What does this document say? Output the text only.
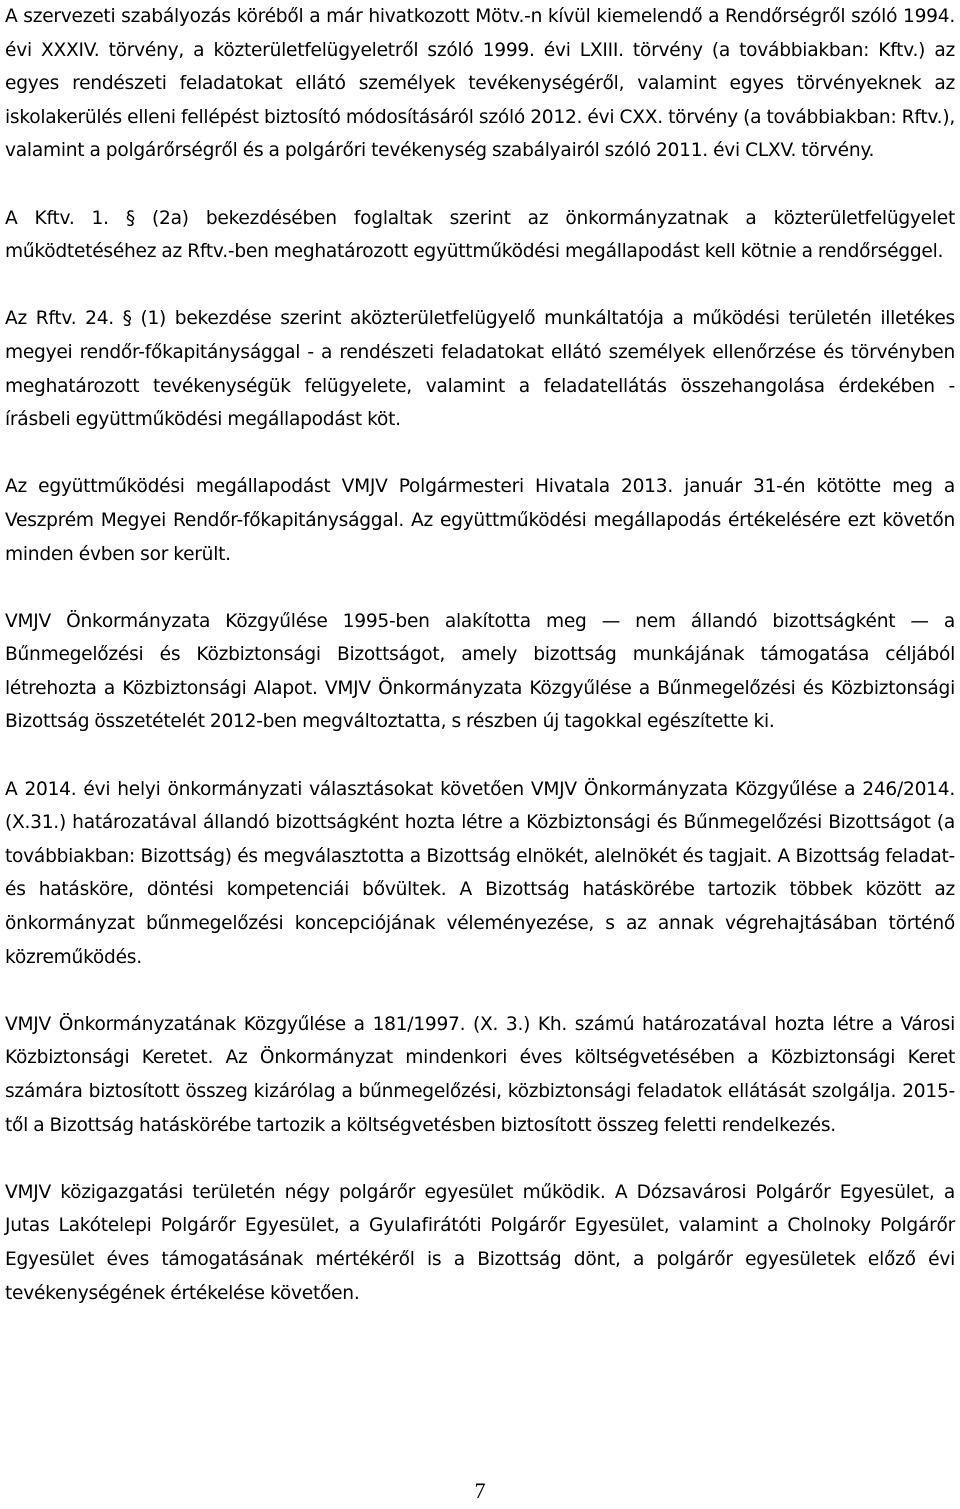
A szervezeti szabályozás köréből a már hivatkozott Mötv.-n kívül kiemelendő a Rendőrségről szóló 1994. évi XXXIV. törvény, a közterületfelügyeletről szóló 1999. évi LXIII. törvény (a továbbiakban: Kftv.) az egyes rendészeti feladatokat ellátó személyek tevékenységéről, valamint egyes törvényeknek az iskolakerülés elleni fellépést biztosító módosításáról szóló 2012. évi CXX. törvény (a továbbiakban: Rftv.), valamint a polgárőrségről és a polgárőri tevékenység szabályairól szóló 2011. évi CLXV. törvény.

A Kftv. 1. § (2a) bekezdésében foglaltak szerint az önkormányzatnak a közterületfelügyelet működtetéséhez az Rftv.-ben meghatározott együttműködési megállapodást kell kötnie a rendőrséggel.

Az Rftv. 24. § (1) bekezdése szerint aközterületfelügyelő munkáltatója a működési területén illetékes megyei rendőr-főkapitánysággal - a rendészeti feladatokat ellátó személyek ellenőrzése és törvényben meghatározott tevékenységük felügyelete, valamint a feladatellátás összehangolása érdekében - írásbeli együttműködési megállapodást köt.

Az együttműködési megállapodást VMJV Polgármesteri Hivatala 2013. január 31-én kötötte meg a Veszprém Megyei Rendőr-főkapitánysággal. Az együttműködési megállapodás értékelésére ezt követőn minden évben sor került.

VMJV Önkormányzata Közgyűlése 1995-ben alakította meg — nem állandó bizottságként — a Bűnmegelőzési és Közbiztonsági Bizottságot, amely bizottság munkájának támogatása céljából létrehozta a Közbiztonsági Alapot. VMJV Önkormányzata Közgyűlése a Bűnmegelőzési és Közbiztonsági Bizottság összetételét 2012-ben megváltoztatta, s részben új tagokkal egészítette ki.

A 2014. évi helyi önkormányzati választásokat követően VMJV Önkormányzata Közgyűlése a 246/2014. (X.31.) határozatával állandó bizottságként hozta létre a Közbiztonsági és Bűnmegelőzési Bizottságot (a továbbiakban: Bizottság) és megválasztotta a Bizottság elnökét, alelnökét és tagjait. A Bizottság feladat-és hatásköre, döntési kompetenciái bővültek. A Bizottság hatáskörébe tartozik többek között az önkormányzat bűnmegelőzési koncepciójának véleményezése, s az annak végrehajtásában történő közreműködés.

VMJV Önkormányzatának Közgyűlése a 181/1997. (X. 3.) Kh. számú határozatával hozta létre a Városi Közbiztonsági Keretet. Az Önkormányzat mindenkori éves költségvetésében a Közbiztonsági Keret számára biztosított összeg kizárólag a bűnmegelőzési, közbiztonsági feladatok ellátását szolgálja. 2015-től a Bizottság hatáskörébe tartozik a költségvetésben biztosított összeg feletti rendelkezés.

VMJV közigazgatási területén négy polgárőr egyesület működik. A Dózsavárosi Polgárőr Egyesület, a Jutas Lakótelepi Polgárőr Egyesület, a Gyulafirátóti Polgárőr Egyesület, valamint a Cholnoky Polgárőr Egyesület éves támogatásának mértékéről is a Bizottság dönt, a polgárőr egyesületek előző évi tevékenységének értékelése követően.

7
